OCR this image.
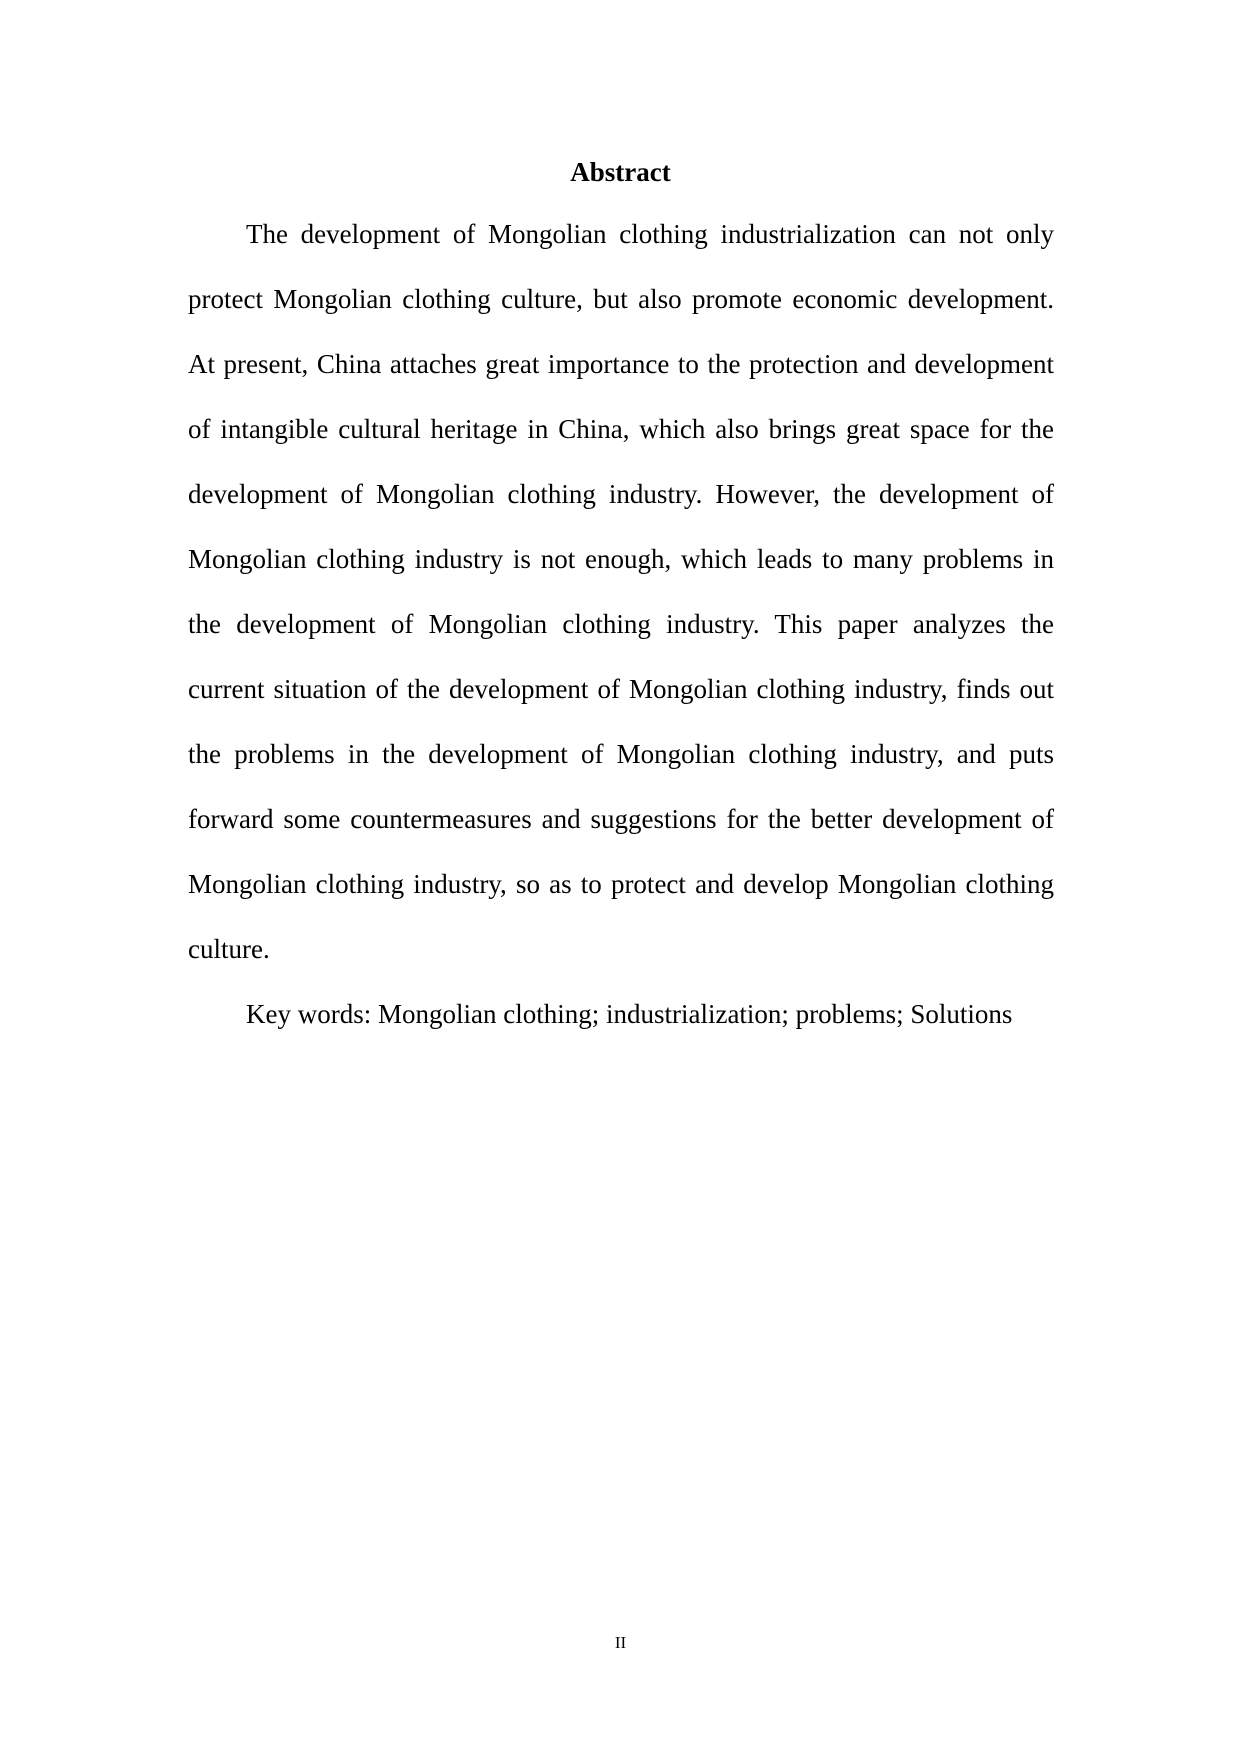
Abstract

The development of Mongolian clothing industrialization can not only protect Mongolian clothing culture, but also promote economic development. At present, China attaches great importance to the protection and development of intangible cultural heritage in China, which also brings great space for the development of Mongolian clothing industry. However, the development of Mongolian clothing industry is not enough, which leads to many problems in the development of Mongolian clothing industry. This paper analyzes the current situation of the development of Mongolian clothing industry, finds out the problems in the development of Mongolian clothing industry, and puts forward some countermeasures and suggestions for the better development of Mongolian clothing industry, so as to protect and develop Mongolian clothing culture.

Key words: Mongolian clothing; industrialization; problems; Solutions

II
